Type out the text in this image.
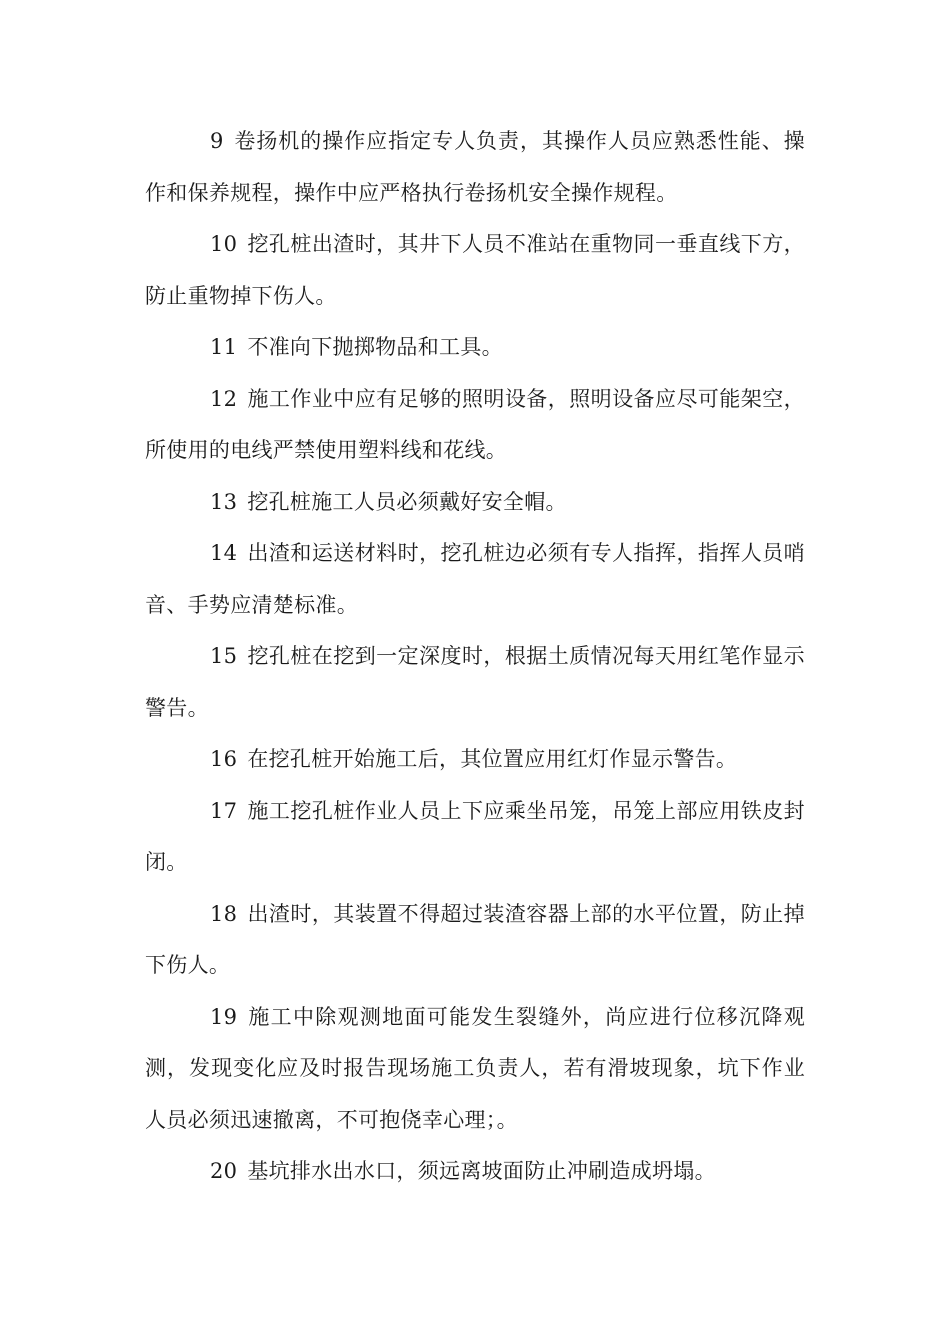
9 卷扬机的操作应指定专人负责，其操作人员应熟悉性能、操作和保养规程，操作中应严格执行卷扬机安全操作规程。

10 挖孔桩出渣时，其井下人员不准站在重物同一垂直线下方，防止重物掉下伤人。

11 不准向下抛掷物品和工具。

12 施工作业中应有足够的照明设备，照明设备应尽可能架空，所使用的电线严禁使用塑料线和花线。

13 挖孔桩施工人员必须戴好安全帽。

14 出渣和运送材料时，挖孔桩边必须有专人指挥，指挥人员哨音、手势应清楚标准。

15 挖孔桩在挖到一定深度时，根据土质情况每天用红笔作显示警告。

16 在挖孔桩开始施工后，其位置应用红灯作显示警告。

17 施工挖孔桩作业人员上下应乘坐吊笼，吊笼上部应用铁皮封闭。

18 出渣时，其装置不得超过装渣容器上部的水平位置，防止掉下伤人。

19 施工中除观测地面可能发生裂缝外，尚应进行位移沉降观测，发现变化应及时报告现场施工负责人，若有滑坡现象，坑下作业人员必须迅速撤离，不可抱侥幸心理；。

20 基坑排水出水口，须远离坡面防止冲刷造成坍塌。
